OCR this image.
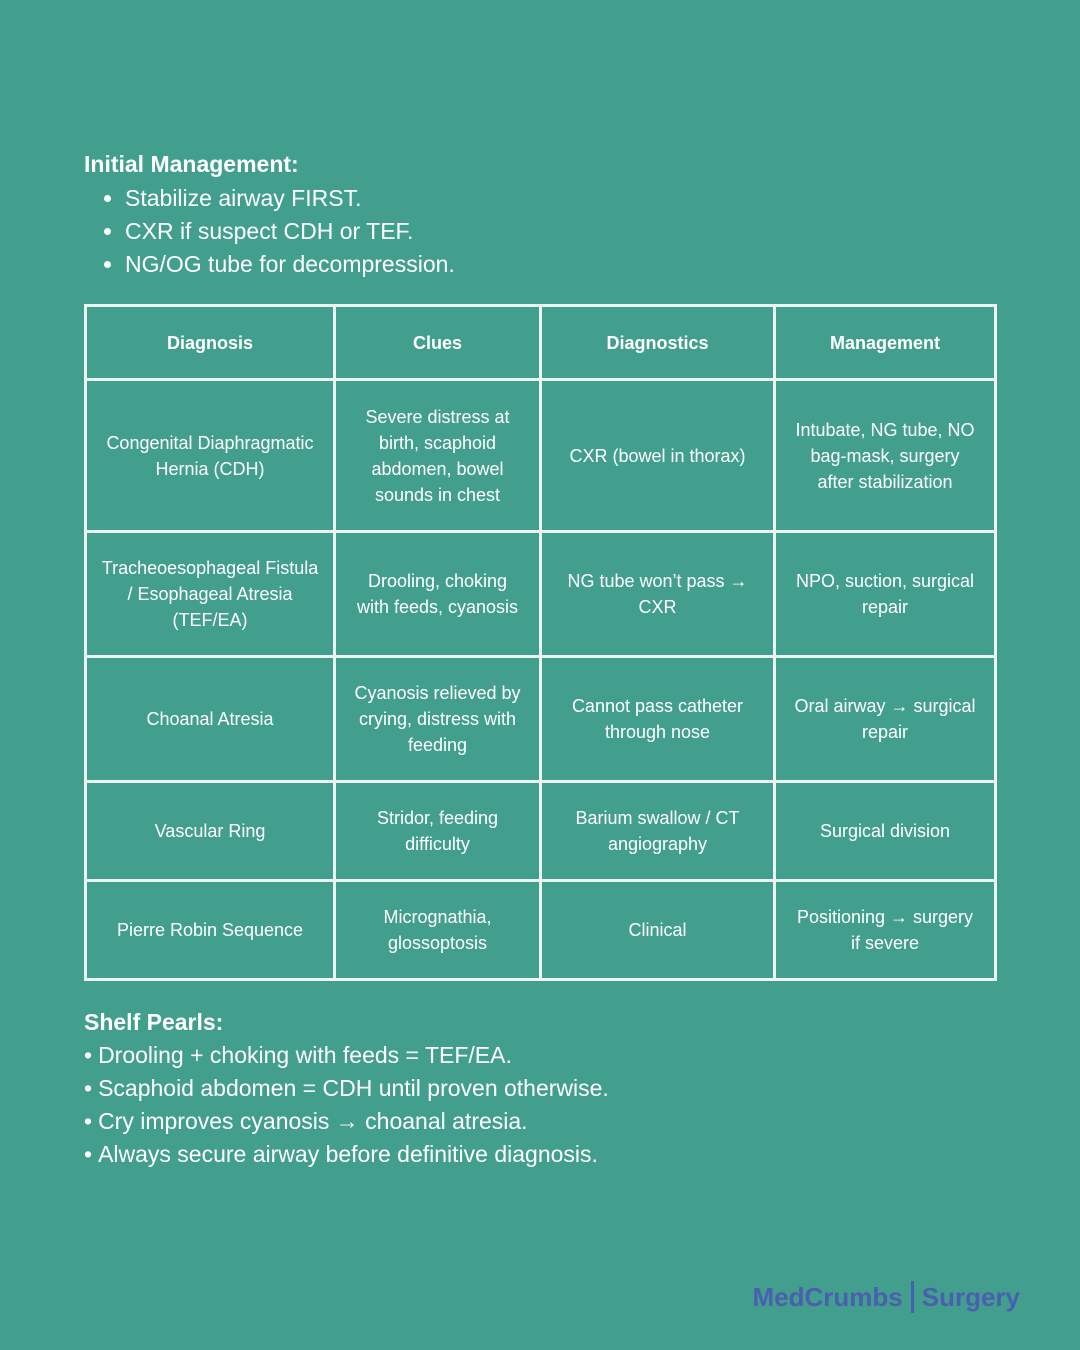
Initial Management:
• Stabilize airway FIRST.
• CXR if suspect CDH or TEF.
• NG/OG tube for decompression.
Diagnosis	Clues	Diagnostics	Management
Congenital Diaphragmatic Hernia (CDH)	Severe distress at birth, scaphoid abdomen, bowel sounds in chest	CXR (bowel in thorax)	Intubate, NG tube, NO bag-mask, surgery after stabilization
Tracheoesophageal Fistula / Esophageal Atresia (TEF/EA)	Drooling, choking with feeds, cyanosis	NG tube won’t pass → CXR	NPO, suction, surgical repair
Choanal Atresia	Cyanosis relieved by crying, distress with feeding	Cannot pass catheter through nose	Oral airway → surgical repair
Vascular Ring	Stridor, feeding difficulty	Barium swallow / CT angiography	Surgical division
Pierre Robin Sequence	Micrognathia, glossoptosis	Clinical	Positioning → surgery if severe
Shelf Pearls:
• Drooling + choking with feeds = TEF/EA.
• Scaphoid abdomen = CDH until proven otherwise.
• Cry improves cyanosis → choanal atresia.
• Always secure airway before definitive diagnosis.
MedCrumbs Surgery
